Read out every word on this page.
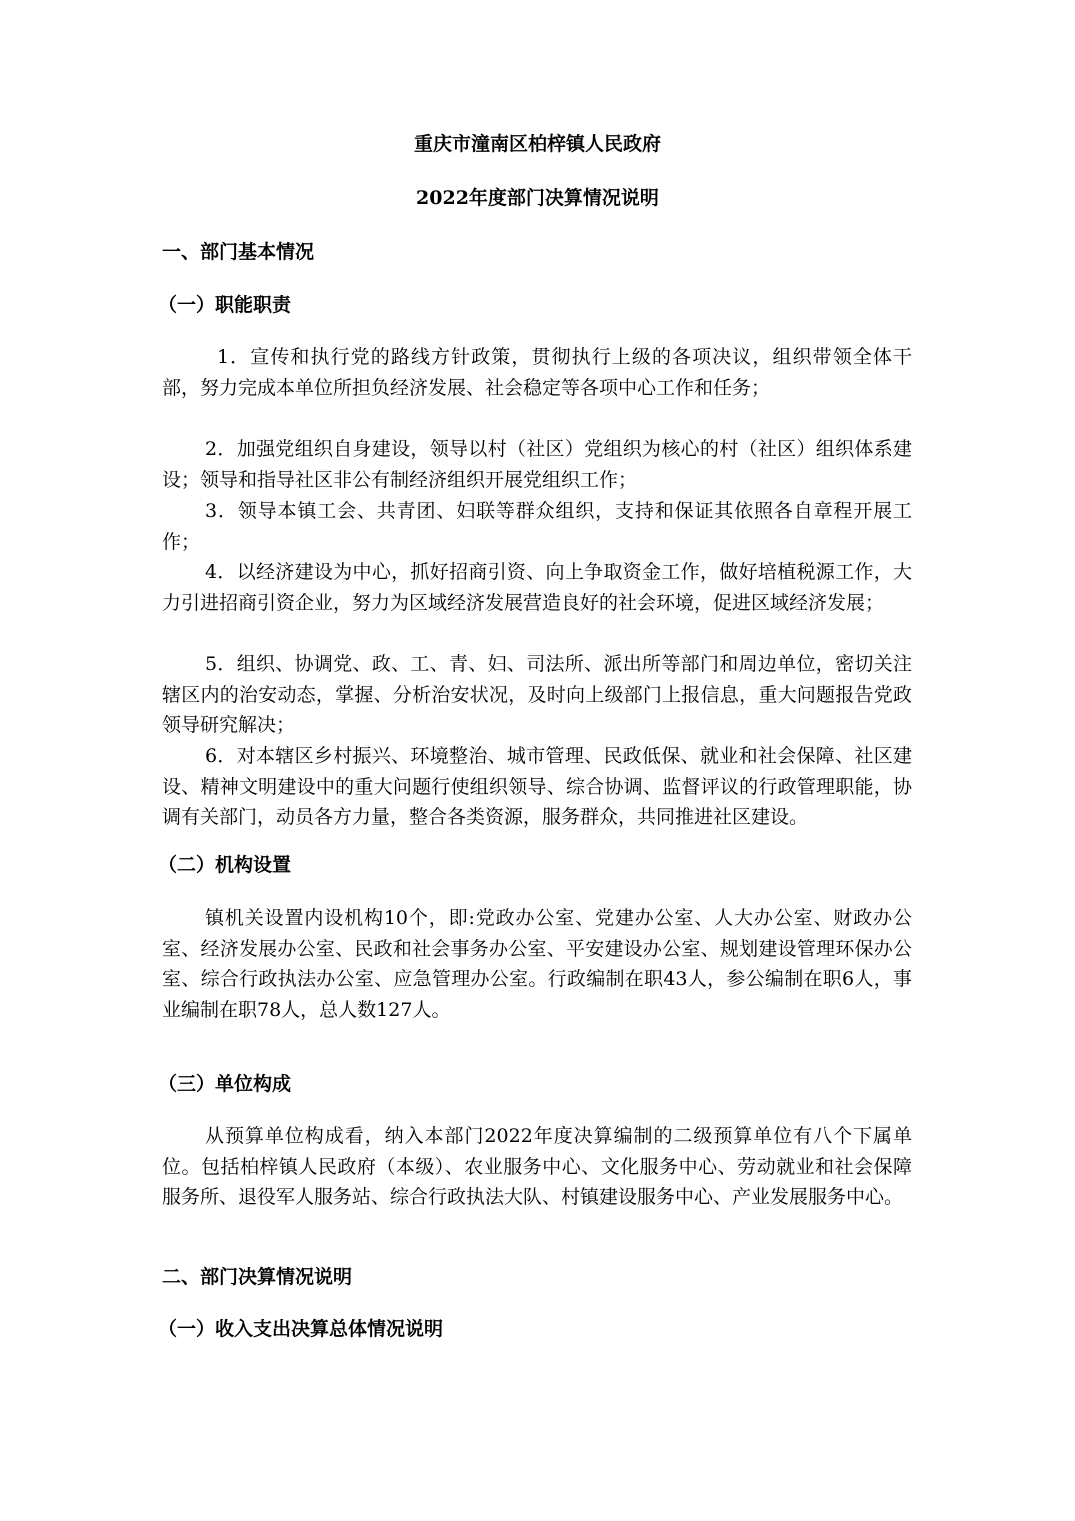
重庆市潼南区柏梓镇人民政府
2022年度部门决算情况说明
一、部门基本情况
（一）职能职责
1．宣传和执行党的路线方针政策，贯彻执行上级的各项决议，组织带领全体干部，努力完成本单位所担负经济发展、社会稳定等各项中心工作和任务；
2．加强党组织自身建设，领导以村（社区）党组织为核心的村（社区）组织体系建设；领导和指导社区非公有制经济组织开展党组织工作；
3．领导本镇工会、共青团、妇联等群众组织，支持和保证其依照各自章程开展工作；
4．以经济建设为中心，抓好招商引资、向上争取资金工作，做好培植税源工作，大力引进招商引资企业，努力为区域经济发展营造良好的社会环境，促进区域经济发展；
5．组织、协调党、政、工、青、妇、司法所、派出所等部门和周边单位，密切关注辖区内的治安动态，掌握、分析治安状况，及时向上级部门上报信息，重大问题报告党政领导研究解决；
6．对本辖区乡村振兴、环境整治、城市管理、民政低保、就业和社会保障、社区建设、精神文明建设中的重大问题行使组织领导、综合协调、监督评议的行政管理职能，协调有关部门，动员各方力量，整合各类资源，服务群众，共同推进社区建设。
（二）机构设置
镇机关设置内设机构10个，即:党政办公室、党建办公室、人大办公室、财政办公室、经济发展办公室、民政和社会事务办公室、平安建设办公室、规划建设管理环保办公室、综合行政执法办公室、应急管理办公室。行政编制在职43人，参公编制在职6人，事业编制在职78人，总人数127人。
（三）单位构成
从预算单位构成看，纳入本部门2022年度决算编制的二级预算单位有八个下属单位。包括柏梓镇人民政府（本级）、农业服务中心、文化服务中心、劳动就业和社会保障服务所、退役军人服务站、综合行政执法大队、村镇建设服务中心、产业发展服务中心。
二、部门决算情况说明
（一）收入支出决算总体情况说明
